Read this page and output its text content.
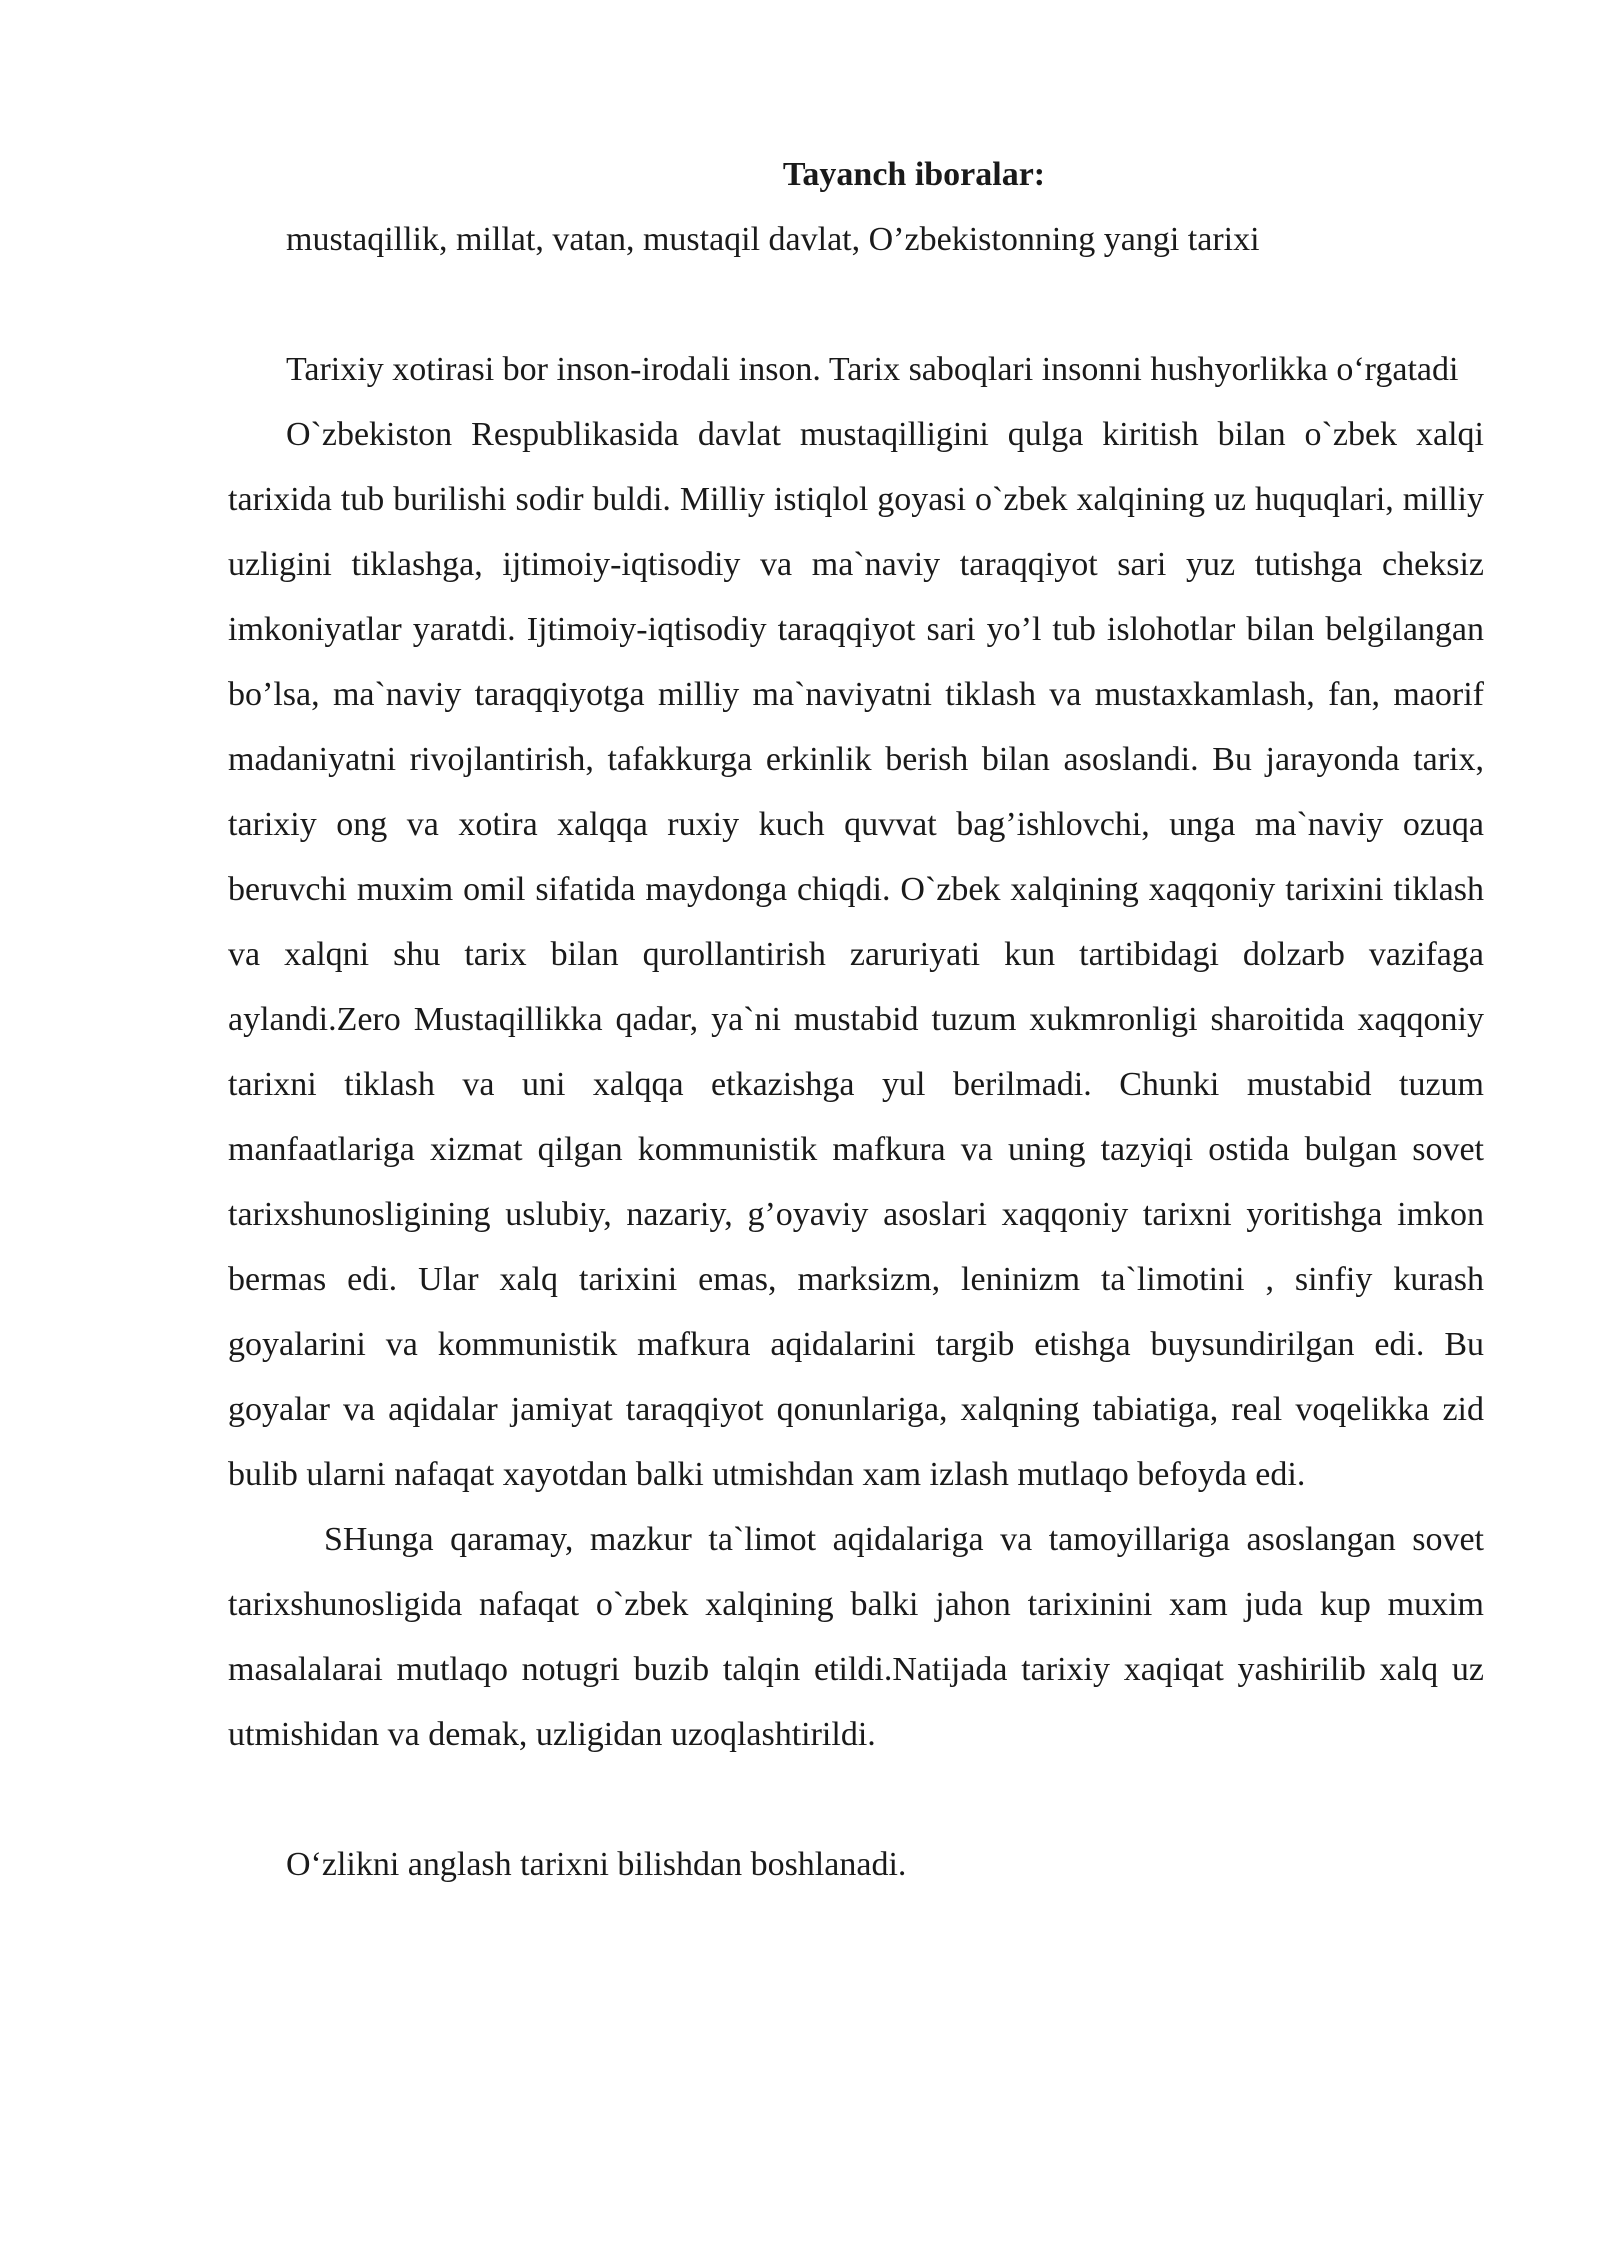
Tayanch iboralar:

mustaqillik, millat, vatan, mustaqil davlat, O’zbekistonning yangi tarixi

Tarixiy xotirasi bor inson-irodali inson. Tarix saboqlari insonni hushyorlikka o‘rgatadi

O`zbekiston Respublikasida davlat mustaqilligini qulga kiritish bilan o`zbek xalqi tarixida tub burilishi sodir buldi. Milliy istiqlol goyasi o`zbek xalqining uz huquqlari, milliy uzligini tiklashga, ijtimoiy-iqtisodiy va ma`naviy taraqqiyot sari yuz tutishga cheksiz imkoniyatlar yaratdi. Ijtimoiy-iqtisodiy taraqqiyot sari yo’l tub islohotlar bilan belgilangan bo’lsa, ma`naviy taraqqiyotga milliy ma`naviyatni tiklash va mustaxkamlash, fan, maorif madaniyatni rivojlantirish, tafakkurga erkinlik berish bilan asoslandi. Bu jarayonda tarix, tarixiy ong va xotira xalqqa ruxiy kuch quvvat bag’ishlovchi, unga ma`naviy ozuqa beruvchi muxim omil sifatida maydonga chiqdi. O`zbek xalqining xaqqoniy tarixini tiklash va xalqni shu tarix bilan qurollantirish zaruriyati kun tartibidagi dolzarb vazifaga aylandi.Zero Mustaqillikka qadar, ya`ni mustabid tuzum xukmronligi sharoitida xaqqoniy tarixni tiklash va uni xalqqa etkazishga yul berilmadi. Chunki mustabid tuzum manfaatlariga xizmat qilgan kommunistik mafkura va uning tazyiqi ostida bulgan sovet tarixshunosligining uslubiy, nazariy, g’oyaviy asoslari xaqqoniy tarixni yoritishga imkon bermas edi. Ular xalq tarixini emas, marksizm, leninizm ta`limotini , sinfiy kurash goyalarini va kommunistik mafkura aqidalarini targib etishga buysundirilgan edi. Bu goyalar va aqidalar jamiyat taraqqiyot qonunlariga, xalqning tabiatiga, real voqelikka zid bulib ularni nafaqat xayotdan balki utmishdan xam izlash mutlaqo befoyda edi.

SHunga qaramay, mazkur ta`limot aqidalariga va tamoyillariga asoslangan sovet tarixshunosligida nafaqat o`zbek xalqining balki jahon tarixinini xam juda kup muxim masalalarai mutlaqo notugri buzib talqin etildi.Natijada tarixiy xaqiqat yashirilib xalq uz utmishidan va demak, uzligidan uzoqlashtirildi.

O‘zlikni anglash tarixni bilishdan boshlanadi.
